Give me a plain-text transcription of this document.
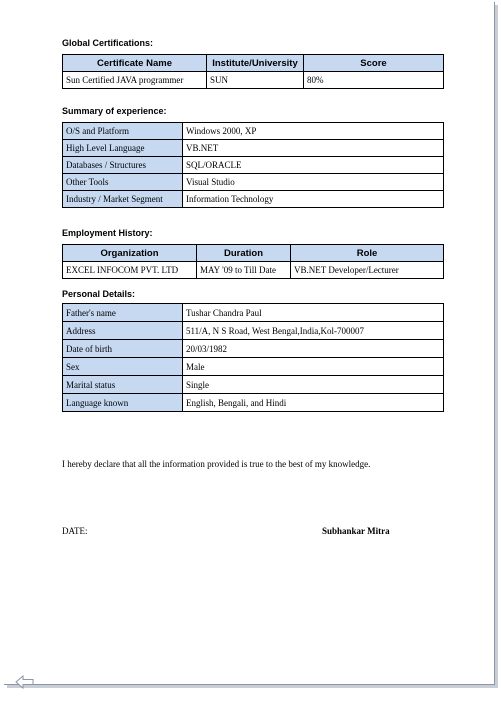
Global Certifications:
Certificate Name	Institute/University	Score
Sun Certified JAVA programmer	SUN	80%
Summary of experience:
O/S and Platform	Windows 2000, XP
High Level Language	VB.NET
Databases / Structures	SQL/ORACLE
Other Tools	Visual Studio
Industry / Market Segment	Information Technology
Employment History:
Organization	Duration	Role
EXCEL INFOCOM PVT. LTD	MAY '09 to Till Date	VB.NET Developer/Lecturer
Personal Details:
Father's name	Tushar Chandra Paul
Address	511/A, N S Road, West Bengal,India,Kol-700007
Date of birth	20/03/1982
Sex	Male
Marital status	Single
Language known	English, Bengali, and Hindi
I hereby declare that all the information provided is true to the best of my knowledge.
DATE:	Subhankar Mitra
